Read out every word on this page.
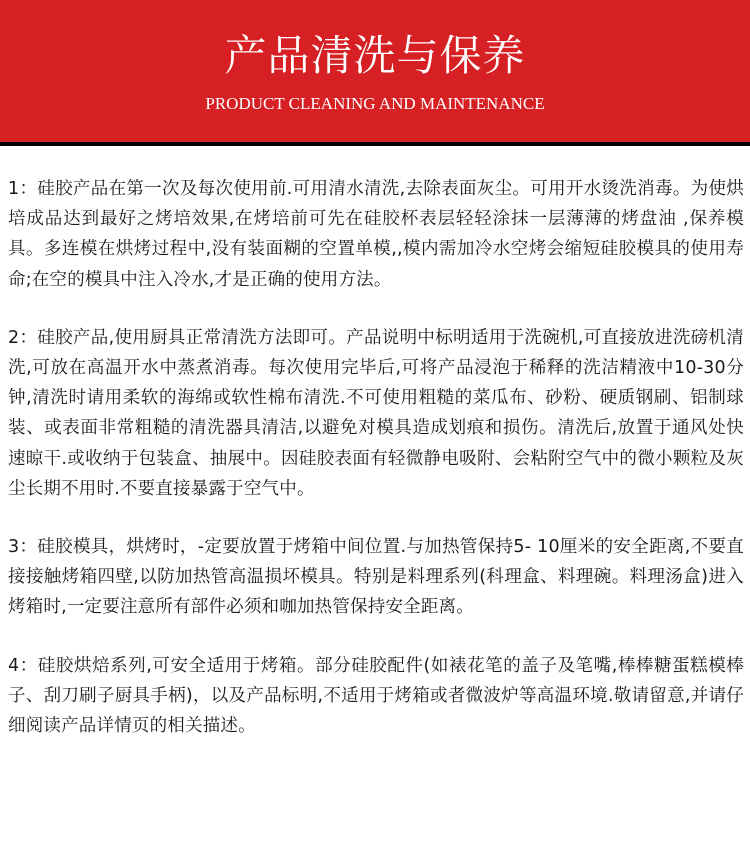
产品清洗与保养
PRODUCT CLEANING AND MAINTENANCE

1：硅胶产品在第一次及每次使用前.可用清水清洗,去除表面灰尘。可用开水烫洗消毒。为使烘培成品达到最好之烤培效果,在烤培前可先在硅胶杯表层轻轻涂抹一层薄薄的烤盘油 ,保养模具。多连模在烘烤过程中,没有装面糊的空置单模,,模内需加冷水空烤会缩短硅胶模具的使用寿命;在空的模具中注入冷水,才是正确的使用方法。

2：硅胶产品,使用厨具正常清洗方法即可。产品说明中标明适用于洗碗机,可直接放进洗磅机清洗,可放在高温开水中蒸煮消毒。每次使用完毕后,可将产品浸泡于稀释的洗洁精液中10-30分钟,清洗时请用柔软的海绵或软性棉布清洗.不可使用粗糙的菜瓜布、砂粉、硬质钢刷、铝制球装、或表面非常粗糙的清洗器具清洁,以避免对模具造成划痕和损伤。清洗后,放置于通风处快速晾干.或收纳于包装盒、抽展中。因硅胶表面有轻微静电吸附、会粘附空气中的微小颗粒及灰尘长期不用时.不要直接暴露于空气中。

3：硅胶模具，烘烤时，-定要放置于烤箱中间位置.与加热管保持5- 10厘米的安全距离,不要直接接触烤箱四壁,以防加热管高温损坏模具。特别是料理系列(科理盒、料理碗。料理汤盒)进入烤箱时,一定要注意所有部件必须和咖加热管保持安全距离。

4：硅胶烘焙系列,可安全适用于烤箱。部分硅胶配件(如裱花笔的盖子及笔嘴,棒棒糖蛋糕模棒子、刮刀刷子厨具手柄)，以及产品标明,不适用于烤箱或者微波炉等高温环境.敬请留意,并请仔细阅读产品详情页的相关描述。
